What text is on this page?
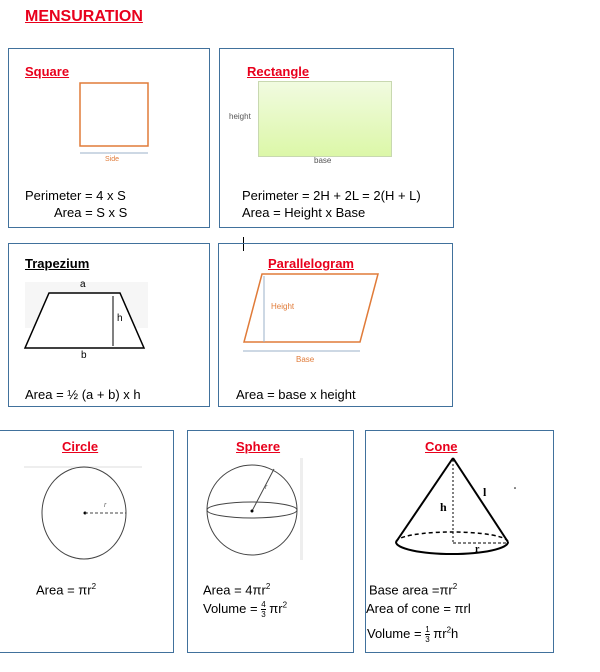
MENSURATION
Square
Side
Perimeter = 4 x S
Area = S x S
Rectangle
height
base
Perimeter = 2H + 2L = 2(H + L)
Area = Height x Base
Trapezium
a
h
b
Area = ½ (a + b) x h
Parallelogram
Height
Base
Area = base x height
Circle
r
Area = $\pi r^2$
Sphere
r
Area = $4\pi r^2$
Volume = $\frac{4}{3} \pi r^2$
Cone
h
l
r
Base area $=\pi r^2$
Area of cone = πrl
Volume = $\frac{1}{3} \pi r^2h$
